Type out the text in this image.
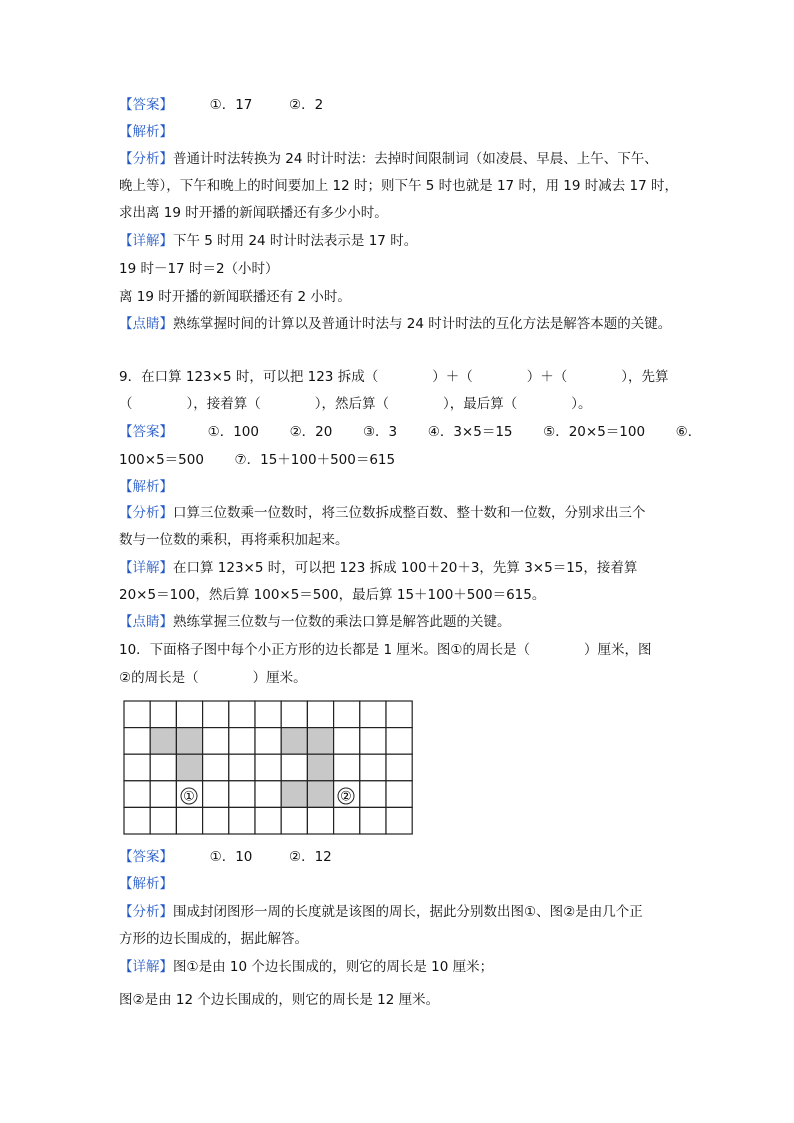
【答案】	①．17	②．2
【解析】
【分析】普通计时法转换为 24 时计时法：去掉时间限制词（如凌晨、早晨、上午、下午、
晚上等），下午和晚上的时间要加上 12 时；则下午 5 时也就是 17 时，用 19 时减去 17 时，
求出离 19 时开播的新闻联播还有多少小时。
【详解】下午 5 时用 24 时计时法表示是 17 时。
19 时－17 时＝2（小时）
离 19 时开播的新闻联播还有 2 小时。
【点睛】熟练掌握时间的计算以及普通计时法与 24 时计时法的互化方法是解答本题的关键。
9．在口算 123×5 时，可以把 123 拆成（　　　　）＋（　　　　）＋（　　　　），先算
（　　　　），接着算（　　　　），然后算（　　　　），最后算（　　　　）。
【答案】	①．100 ②．20 ③．3 ④．3×5＝15 ⑤．20×5＝100 ⑥．
100×5＝500 ⑦．15＋100＋500＝615
【解析】
【分析】口算三位数乘一位数时，将三位数拆成整百数、整十数和一位数，分别求出三个
数与一位数的乘积，再将乘积加起来。
【详解】在口算 123×5 时，可以把 123 拆成 100＋20＋3，先算 3×5＝15，接着算
20×5＝100，然后算 100×5＝500，最后算 15＋100＋500＝615。
【点睛】熟练掌握三位数与一位数的乘法口算是解答此题的关键。
10．下面格子图中每个小正方形的边长都是 1 厘米。图①的周长是（　　　　）厘米，图
②的周长是（　　　　）厘米。
①	②
【答案】	①．10	②．12
【解析】
【分析】围成封闭图形一周的长度就是该图的周长，据此分别数出图①、图②是由几个正
方形的边长围成的，据此解答。
【详解】图①是由 10 个边长围成的，则它的周长是 10 厘米；
图②是由 12 个边长围成的，则它的周长是 12 厘米。
